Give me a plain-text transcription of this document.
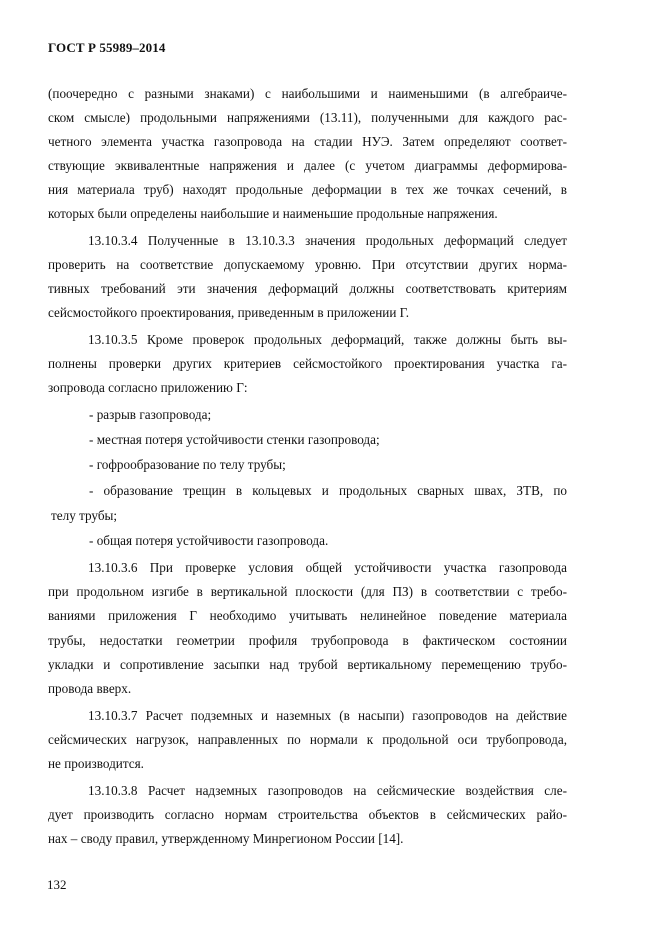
ГОСТ Р 55989–2014
(поочередно с разными знаками) с наибольшими и наименьшими (в алгебраиче-
ском смысле) продольными напряжениями (13.11), полученными для каждого рас-
четного элемента участка газопровода на стадии НУЭ. Затем определяют соответ-
ствующие эквивалентные напряжения и далее (с учетом диаграммы деформирова-
ния материала труб) находят продольные деформации в тех же точках сечений, в
которых были определены наибольшие и наименьшие продольные напряжения.
13.10.3.4 Полученные в 13.10.3.3 значения продольных деформаций следует
проверить на соответствие допускаемому уровню. При отсутствии других норма-
тивных требований эти значения деформаций должны соответствовать критериям
сейсмостойкого проектирования, приведенным в приложении Г.
13.10.3.5 Кроме проверок продольных деформаций, также должны быть вы-
полнены проверки других критериев сейсмостойкого проектирования участка га-
зопровода согласно приложению Г:
- разрыв газопровода;
- местная потеря устойчивости стенки газопровода;
- гофрообразование по телу трубы;
- образование трещин в кольцевых и продольных сварных швах, ЗТВ, по
телу трубы;
- общая потеря устойчивости газопровода.
13.10.3.6 При проверке условия общей устойчивости участка газопровода
при продольном изгибе в вертикальной плоскости (для ПЗ) в соответствии с требо-
ваниями приложения Г необходимо учитывать нелинейное поведение материала
трубы, недостатки геометрии профиля трубопровода в фактическом состоянии
укладки и сопротивление засыпки над трубой вертикальному перемещению трубо-
провода вверх.
13.10.3.7 Расчет подземных и наземных (в насыпи) газопроводов на действие
сейсмических нагрузок, направленных по нормали к продольной оси трубопровода,
не производится.
13.10.3.8 Расчет надземных газопроводов на сейсмические воздействия сле-
дует производить согласно нормам строительства объектов в сейсмических райо-
нах – своду правил, утвержденному Минрегионом России [14].
132
